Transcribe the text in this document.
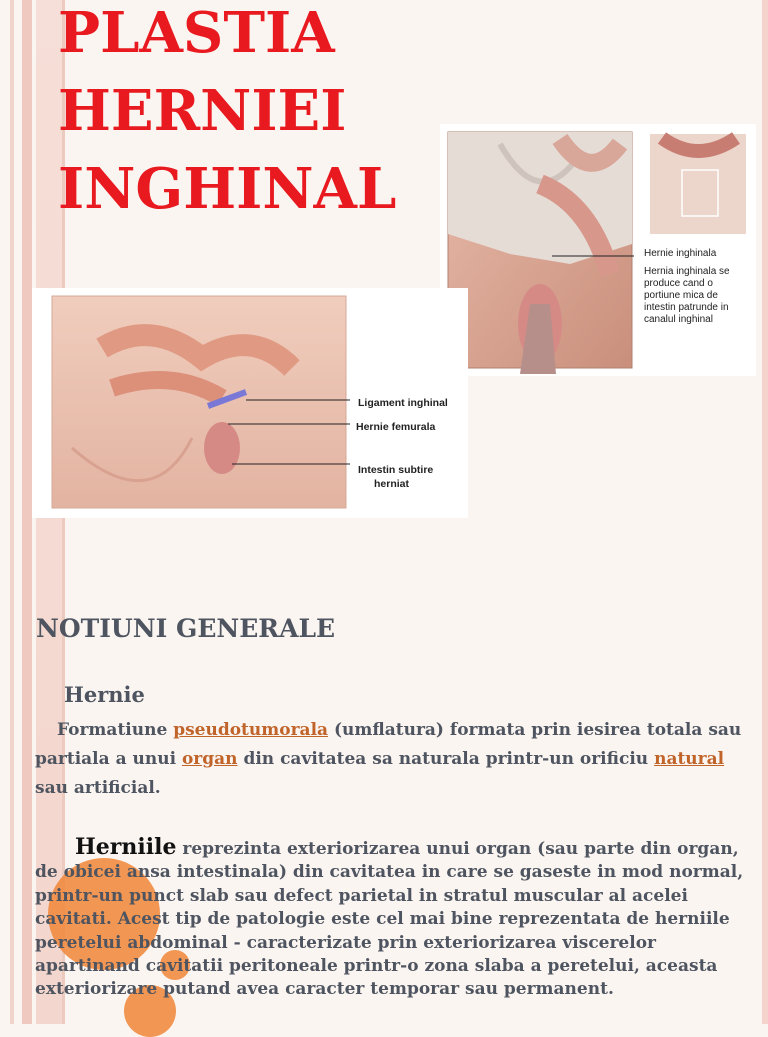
PLASTIA
HERNIEI
INGHINAL
Hernie inghinala
Hernia inghinala se produce cand o portiune mica de intestin patrunde in canalul inghinal
Ligament inghinal
Hernie femurala
Intestin subtire
herniat
NOTIUNI GENERALE
Hernie

Formatiune pseudotumorala (umflatura) formata prin iesirea totala sau partiala a unui organ din cavitatea sa naturala printr-un orificiu natural sau artificial.

Herniile reprezinta exteriorizarea unui organ (sau parte din organ, de obicei ansa intestinala) din cavitatea in care se gaseste in mod normal, printr-un punct slab sau defect parietal in stratul muscular al acelei cavitati. Acest tip de patologie este cel mai bine reprezentata de herniile peretelui abdominal - caracterizate prin exteriorizarea viscerelor apartinand cavitatii peritoneale printr-o zona slaba a peretelui, aceasta exteriorizare putand avea caracter temporar sau permanent.
